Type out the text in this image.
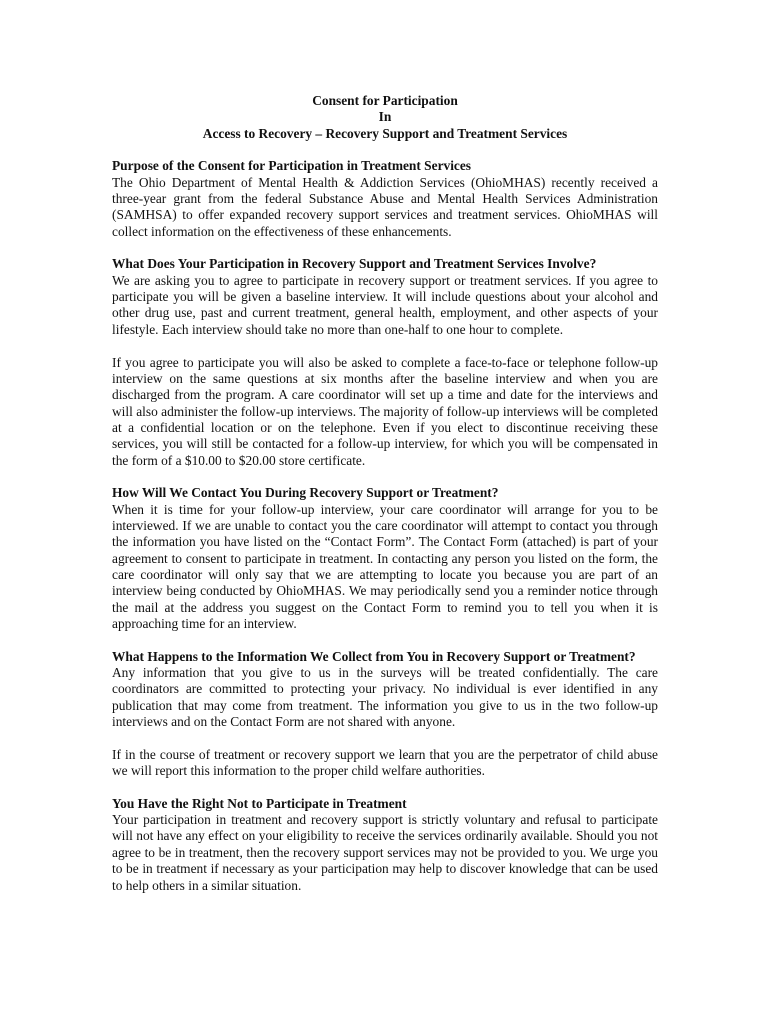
Consent for Participation
In
Access to Recovery – Recovery Support and Treatment Services
Purpose of the Consent for Participation in Treatment Services

The Ohio Department of Mental Health & Addiction Services (OhioMHAS) recently received a three-year grant from the federal Substance Abuse and Mental Health Services Administration (SAMHSA) to offer expanded recovery support services and treatment services. OhioMHAS will collect information on the effectiveness of these enhancements.

What Does Your Participation in Recovery Support and Treatment Services Involve?

We are asking you to agree to participate in recovery support or treatment services. If you agree to participate you will be given a baseline interview. It will include questions about your alcohol and other drug use, past and current treatment, general health, employment, and other aspects of your lifestyle. Each interview should take no more than one-half to one hour to complete.

If you agree to participate you will also be asked to complete a face-to-face or telephone follow-up interview on the same questions at six months after the baseline interview and when you are discharged from the program. A care coordinator will set up a time and date for the interviews and will also administer the follow-up interviews. The majority of follow-up interviews will be completed at a confidential location or on the telephone. Even if you elect to discontinue receiving these services, you will still be contacted for a follow-up interview, for which you will be compensated in the form of a $10.00 to $20.00 store certificate.

How Will We Contact You During Recovery Support or Treatment?

When it is time for your follow-up interview, your care coordinator will arrange for you to be interviewed. If we are unable to contact you the care coordinator will attempt to contact you through the information you have listed on the “Contact Form”. The Contact Form (attached) is part of your agreement to consent to participate in treatment. In contacting any person you listed on the form, the care coordinator will only say that we are attempting to locate you because you are part of an interview being conducted by OhioMHAS. We may periodically send you a reminder notice through the mail at the address you suggest on the Contact Form to remind you to tell you when it is approaching time for an interview.

What Happens to the Information We Collect from You in Recovery Support or Treatment?

Any information that you give to us in the surveys will be treated confidentially. The care coordinators are committed to protecting your privacy. No individual is ever identified in any publication that may come from treatment. The information you give to us in the two follow-up interviews and on the Contact Form are not shared with anyone.

If in the course of treatment or recovery support we learn that you are the perpetrator of child abuse we will report this information to the proper child welfare authorities.

You Have the Right Not to Participate in Treatment

Your participation in treatment and recovery support is strictly voluntary and refusal to participate will not have any effect on your eligibility to receive the services ordinarily available. Should you not agree to be in treatment, then the recovery support services may not be provided to you. We urge you to be in treatment if necessary as your participation may help to discover knowledge that can be used to help others in a similar situation.
